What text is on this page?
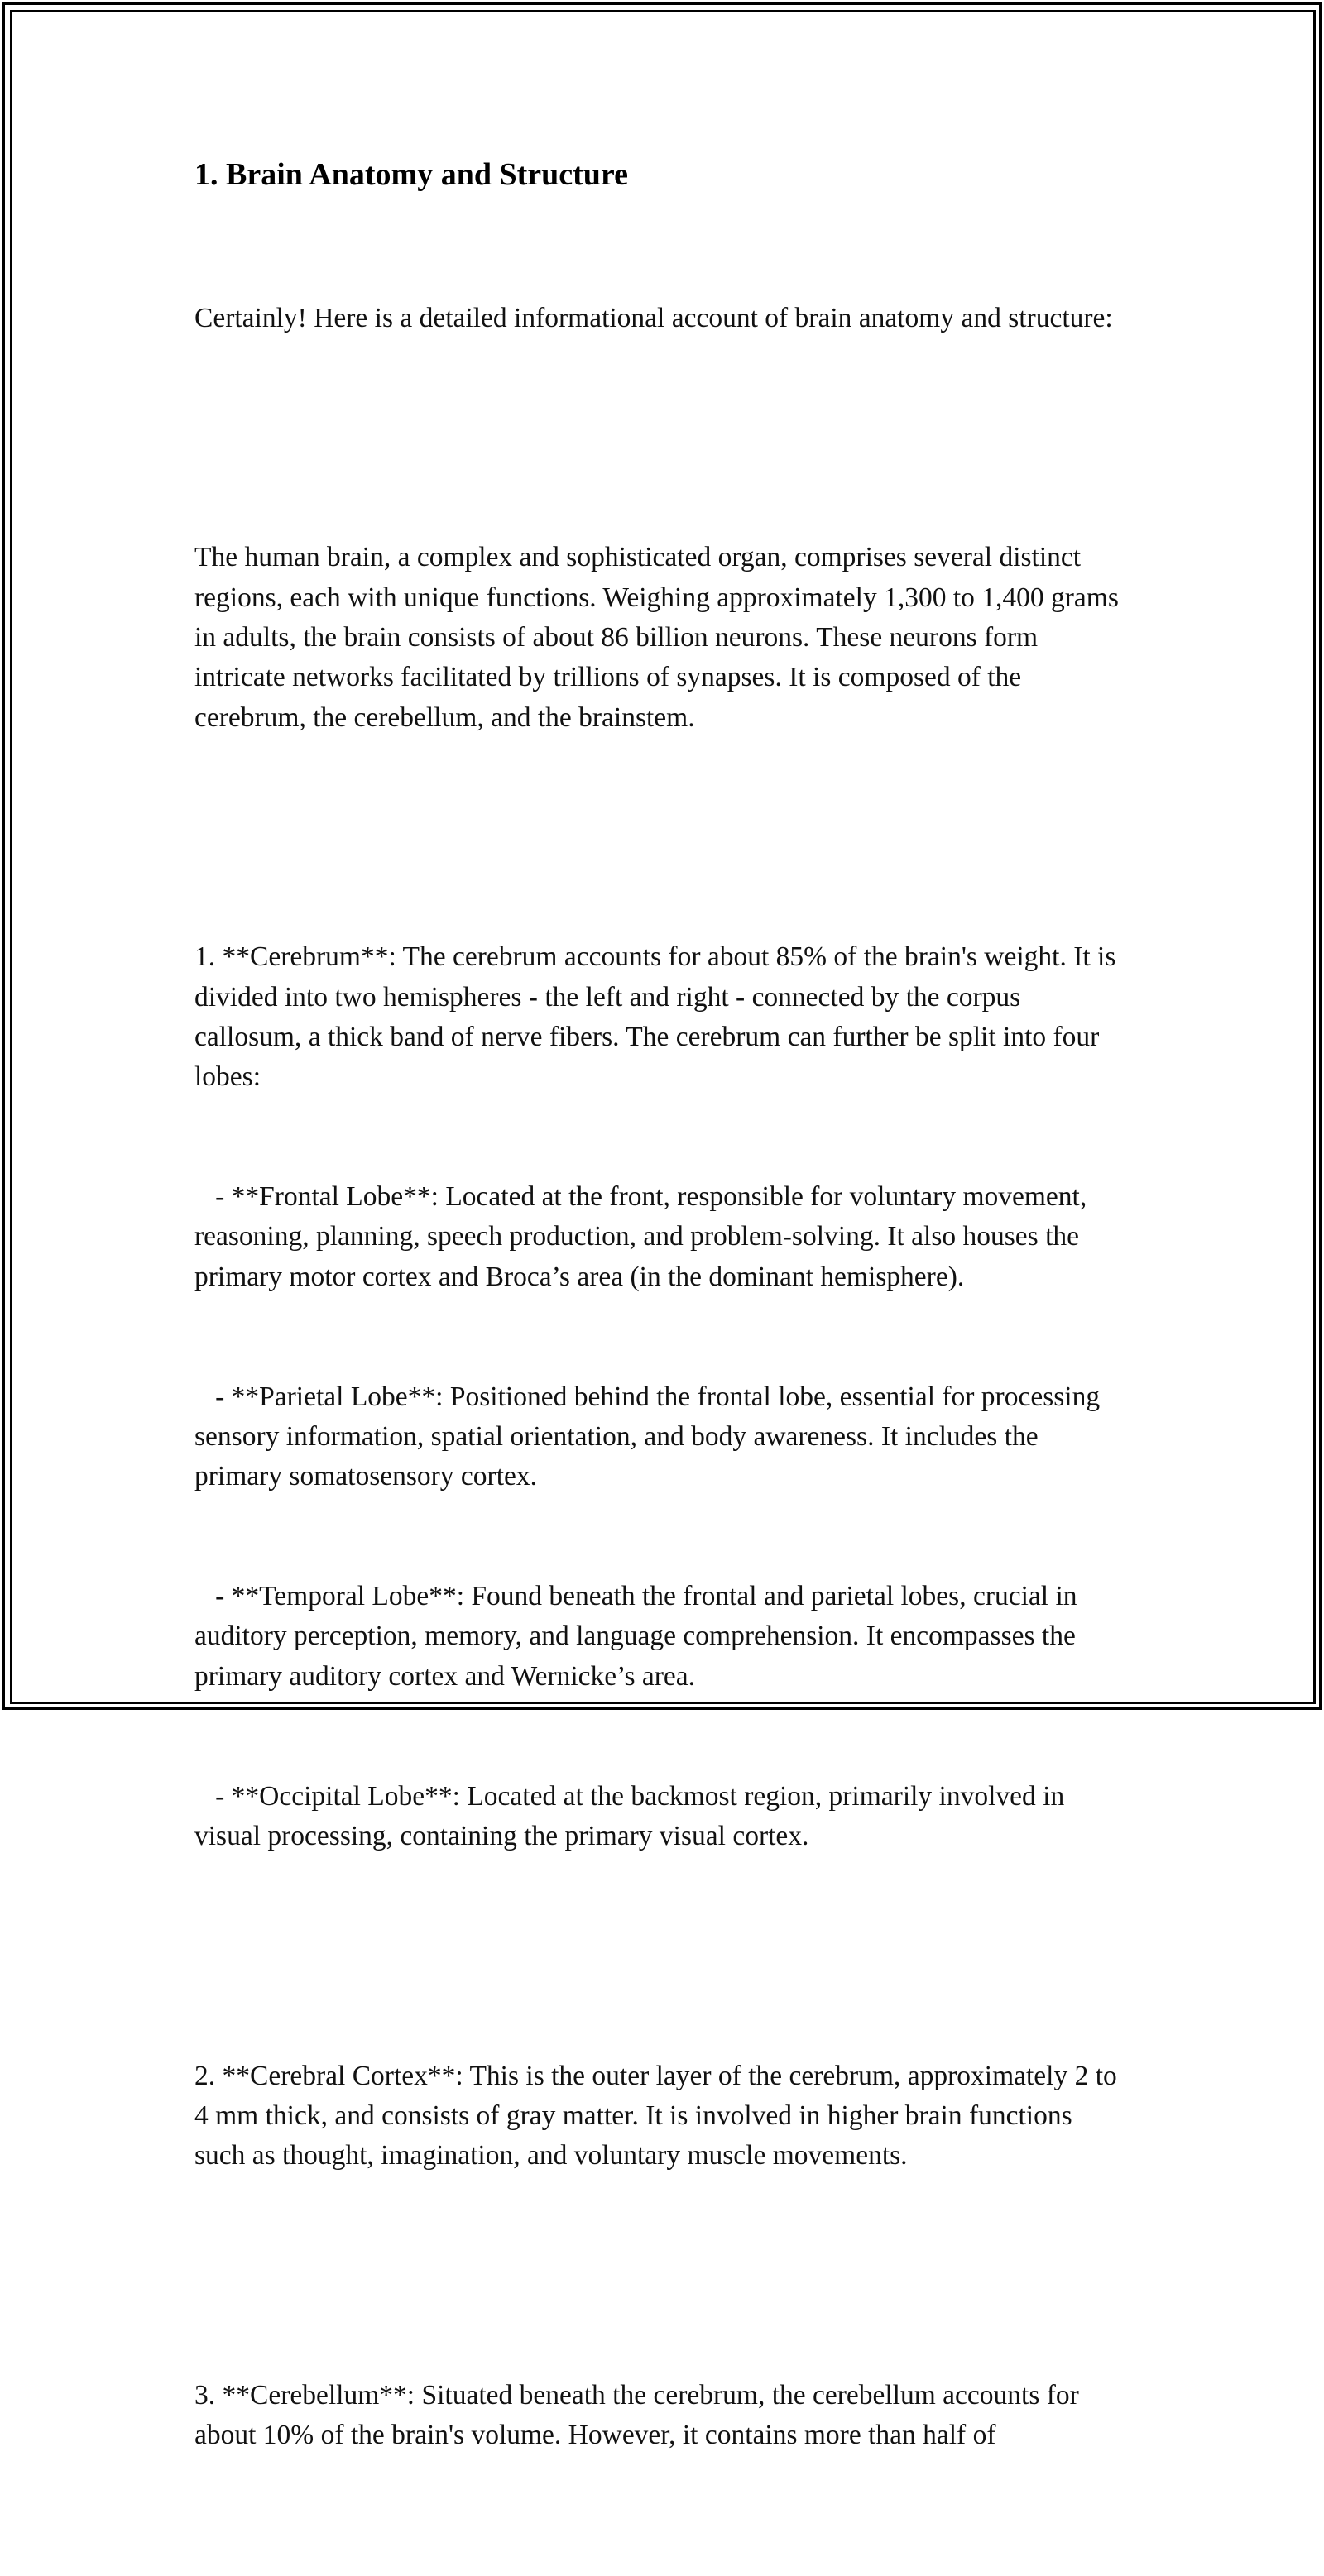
1. Brain Anatomy and Structure

Certainly! Here is a detailed informational account of brain anatomy and structure:

The human brain, a complex and sophisticated organ, comprises several distinct regions, each with unique functions. Weighing approximately 1,300 to 1,400 grams in adults, the brain consists of about 86 billion neurons. These neurons form intricate networks facilitated by trillions of synapses. It is composed of the cerebrum, the cerebellum, and the brainstem.

1. **Cerebrum**: The cerebrum accounts for about 85% of the brain's weight. It is divided into two hemispheres - the left and right - connected by the corpus callosum, a thick band of nerve fibers. The cerebrum can further be split into four lobes:

- **Frontal Lobe**: Located at the front, responsible for voluntary movement, reasoning, planning, speech production, and problem-solving. It also houses the primary motor cortex and Broca’s area (in the dominant hemisphere).

- **Parietal Lobe**: Positioned behind the frontal lobe, essential for processing sensory information, spatial orientation, and body awareness. It includes the primary somatosensory cortex.

- **Temporal Lobe**: Found beneath the frontal and parietal lobes, crucial in auditory perception, memory, and language comprehension. It encompasses the primary auditory cortex and Wernicke’s area.

- **Occipital Lobe**: Located at the backmost region, primarily involved in visual processing, containing the primary visual cortex.

2. **Cerebral Cortex**: This is the outer layer of the cerebrum, approximately 2 to 4 mm thick, and consists of gray matter. It is involved in higher brain functions such as thought, imagination, and voluntary muscle movements.

3. **Cerebellum**: Situated beneath the cerebrum, the cerebellum accounts for about 10% of the brain's volume. However, it contains more than half of
